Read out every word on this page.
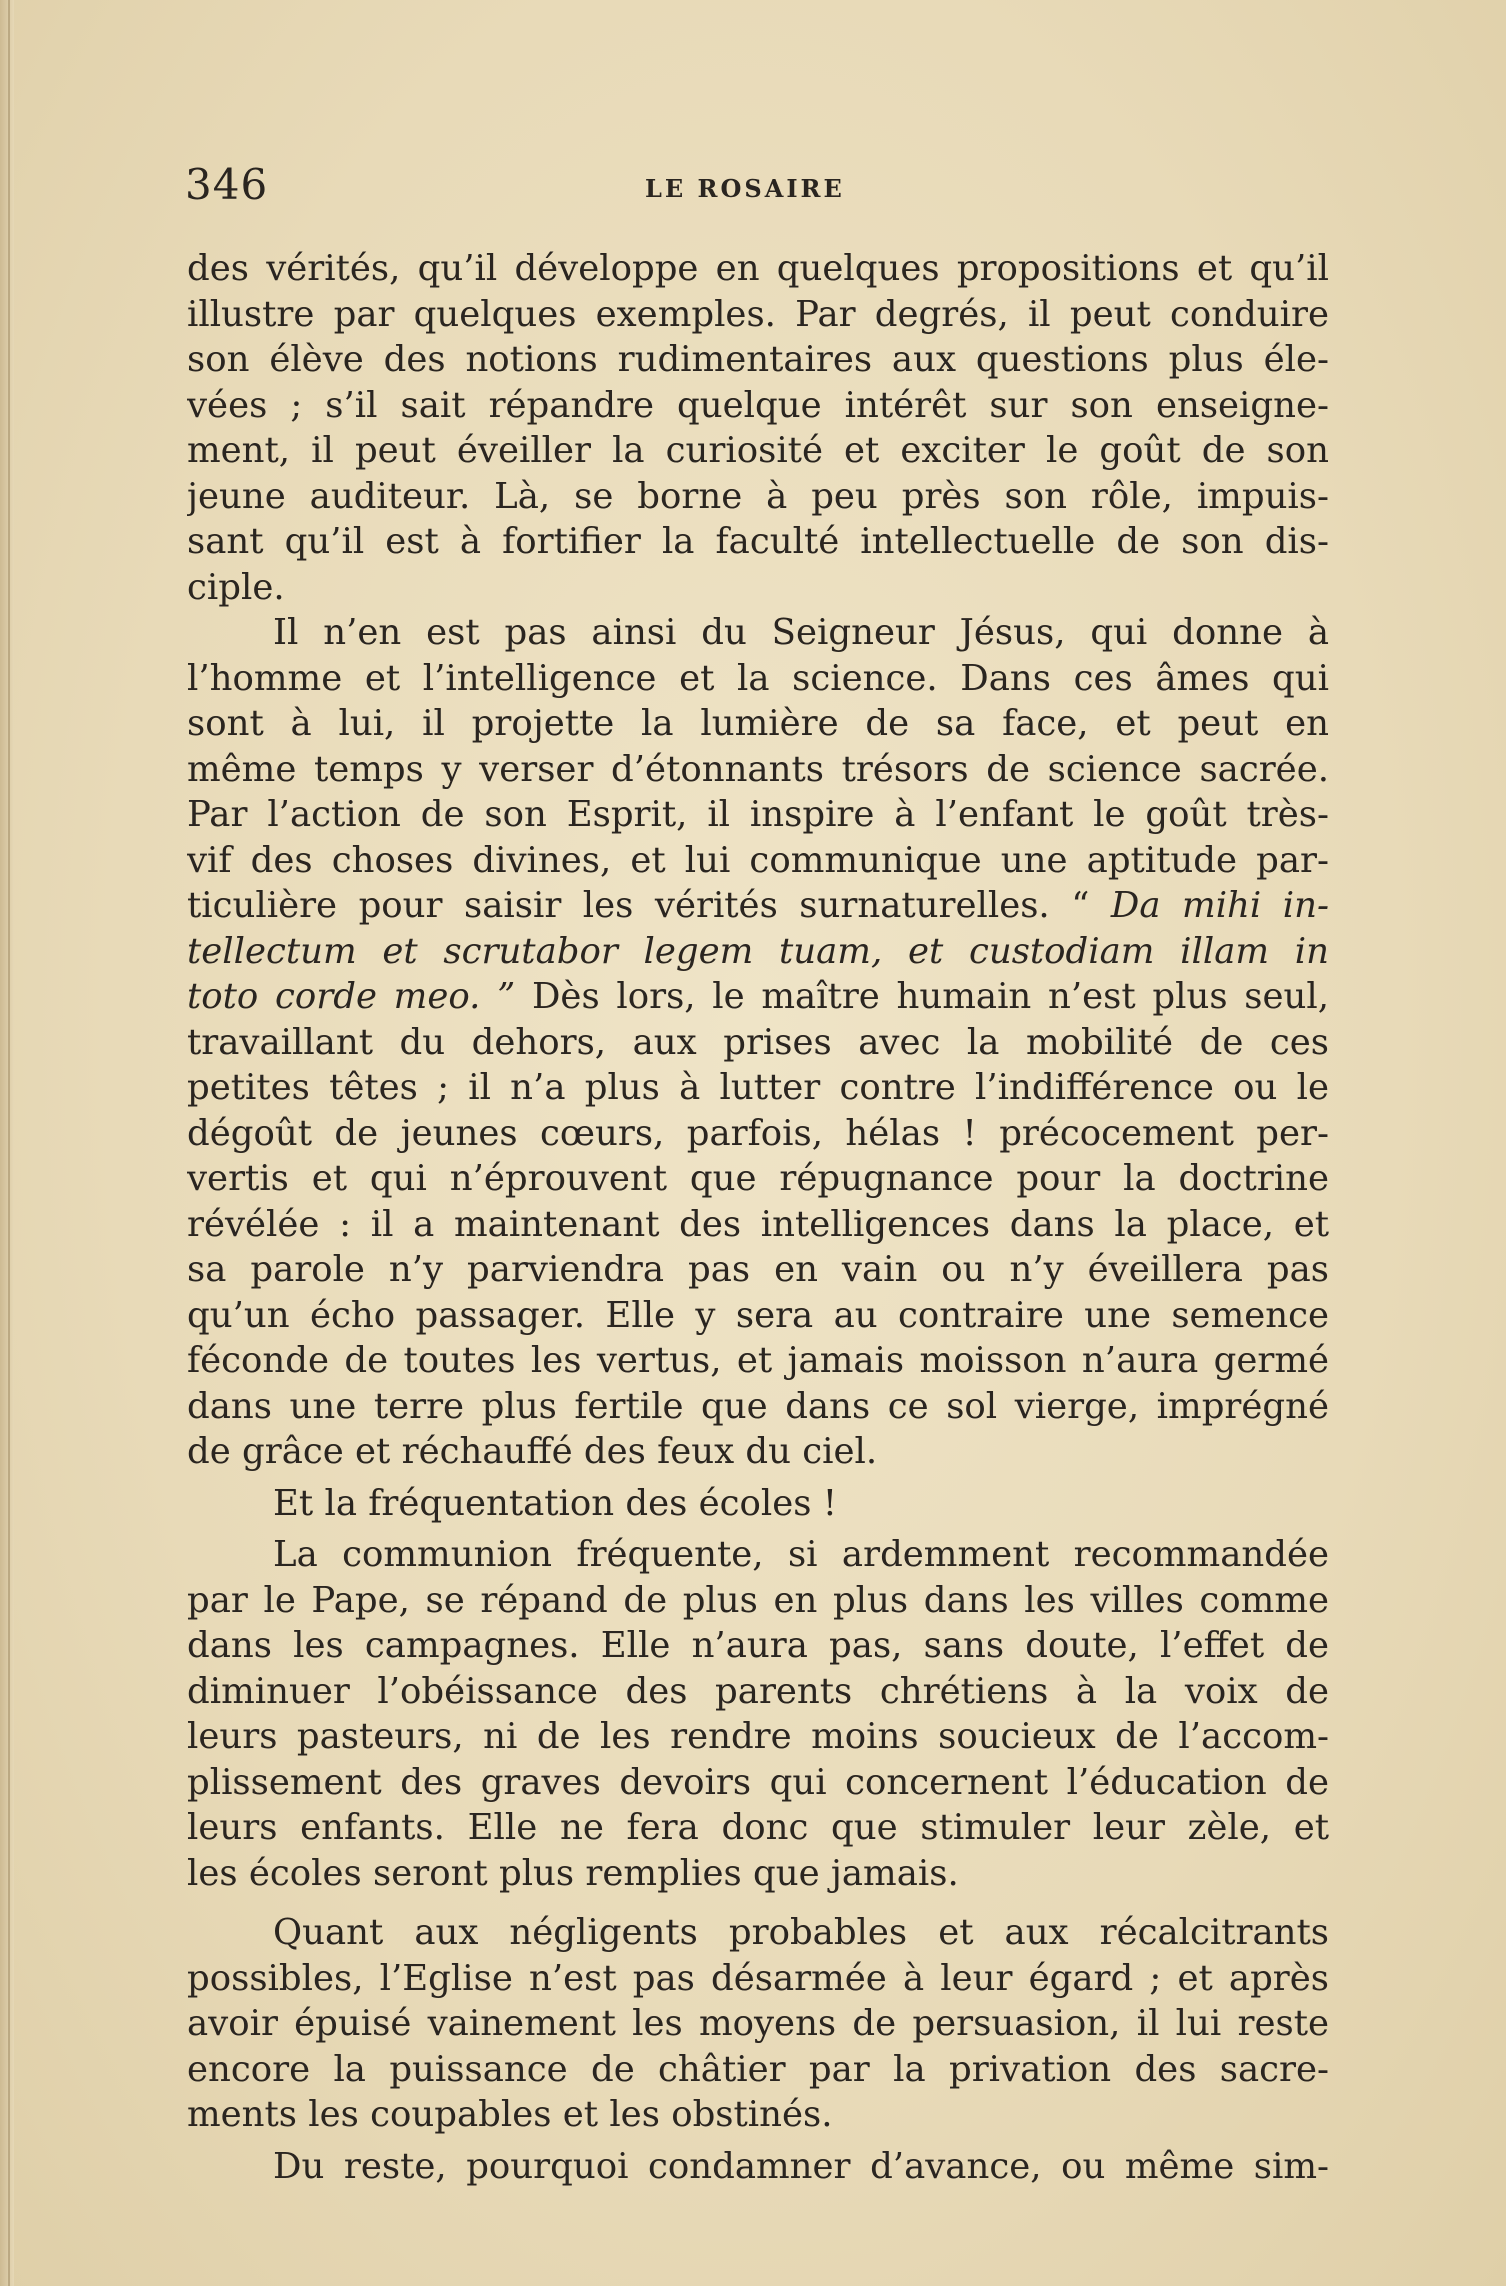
346	LE ROSAIRE
des vérités, qu’il développe en quelques propositions et qu’il
illustre par quelques exemples. Par degrés, il peut conduire
son élève des notions rudimentaires aux questions plus éle-
vées ; s’il sait répandre quelque intérêt sur son enseigne-
ment, il peut éveiller la curiosité et exciter le goût de son
jeune auditeur. Là, se borne à peu près son rôle, impuis-
sant qu’il est à fortifier la faculté intellectuelle de son dis-
ciple.
Il n’en est pas ainsi du Seigneur Jésus, qui donne à
l’homme et l’intelligence et la science. Dans ces âmes qui
sont à lui, il projette la lumière de sa face, et peut en
même temps y verser d’étonnants trésors de science sacrée.
Par l’action de son Esprit, il inspire à l’enfant le goût très-
vif des choses divines, et lui communique une aptitude par-
ticulière pour saisir les vérités surnaturelles. “ Da mihi in-
tellectum et scrutabor legem tuam, et custodiam illam in
toto corde meo. ” Dès lors, le maître humain n’est plus seul,
travaillant du dehors, aux prises avec la mobilité de ces
petites têtes ; il n’a plus à lutter contre l’indifférence ou le
dégoût de jeunes cœurs, parfois, hélas ! précocement per-
vertis et qui n’éprouvent que répugnance pour la doctrine
révélée : il a maintenant des intelligences dans la place, et
sa parole n’y parviendra pas en vain ou n’y éveillera pas
qu’un écho passager. Elle y sera au contraire une semence
féconde de toutes les vertus, et jamais moisson n’aura germé
dans une terre plus fertile que dans ce sol vierge, imprégné
de grâce et réchauffé des feux du ciel.
Et la fréquentation des écoles !
La communion fréquente, si ardemment recommandée
par le Pape, se répand de plus en plus dans les villes comme
dans les campagnes. Elle n’aura pas, sans doute, l’effet de
diminuer l’obéissance des parents chrétiens à la voix de
leurs pasteurs, ni de les rendre moins soucieux de l’accom-
plissement des graves devoirs qui concernent l’éducation de
leurs enfants. Elle ne fera donc que stimuler leur zèle, et
les écoles seront plus remplies que jamais.
Quant aux négligents probables et aux récalcitrants
possibles, l’Eglise n’est pas désarmée à leur égard ; et après
avoir épuisé vainement les moyens de persuasion, il lui reste
encore la puissance de châtier par la privation des sacre-
ments les coupables et les obstinés.
Du reste, pourquoi condamner d’avance, ou même sim-
